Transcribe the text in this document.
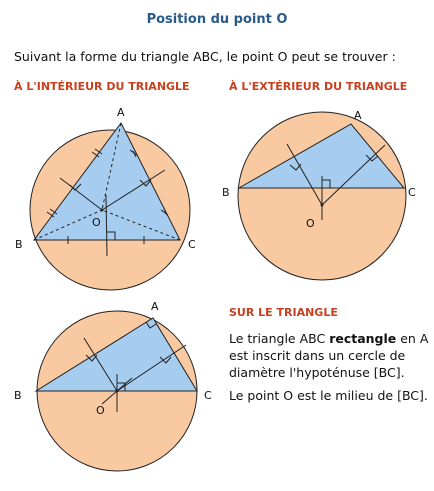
Position du point O
Suivant la forme du triangle ABC, le point O peut se trouver :
À L'INTÉRIEUR DU TRIANGLE	À L'EXTÉRIEUR DU TRIANGLE
SUR LE TRIANGLE
Le triangle ABC rectangle en A
est inscrit dans un cercle de
diamètre l'hypoténuse [BC].
Le point O est le milieu de [BC].
A
B	C
O
A
B	C
O
A
B	C
O
